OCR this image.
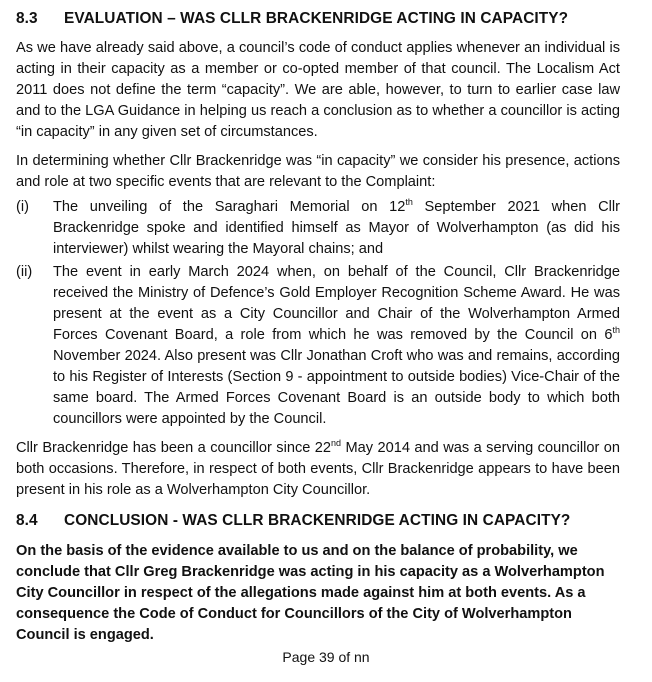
8.3	EVALUATION – WAS CLLR BRACKENRIDGE ACTING IN CAPACITY?

As we have already said above, a council’s code of conduct applies whenever an individual is acting in their capacity as a member or co-opted member of that council. The Localism Act 2011 does not define the term “capacity”. We are able, however, to turn to earlier case law and to the LGA Guidance in helping us reach a conclusion as to whether a councillor is acting “in capacity” in any given set of circumstances.

In determining whether Cllr Brackenridge was “in capacity” we consider his presence, actions and role at two specific events that are relevant to the Complaint:

(i)	The unveiling of the Saraghari Memorial on 12th September 2021 when Cllr Brackenridge spoke and identified himself as Mayor of Wolverhampton (as did his interviewer) whilst wearing the Mayoral chains; and
(ii)	The event in early March 2024 when, on behalf of the Council, Cllr Brackenridge received the Ministry of Defence’s Gold Employer Recognition Scheme Award. He was present at the event as a City Councillor and Chair of the Wolverhampton Armed Forces Covenant Board, a role from which he was removed by the Council on 6th November 2024. Also present was Cllr Jonathan Croft who was and remains, according to his Register of Interests (Section 9 - appointment to outside bodies) Vice-Chair of the same board. The Armed Forces Covenant Board is an outside body to which both councillors were appointed by the Council.

Cllr Brackenridge has been a councillor since 22nd May 2014 and was a serving councillor on both occasions. Therefore, in respect of both events, Cllr Brackenridge appears to have been present in his role as a Wolverhampton City Councillor.

8.4	CONCLUSION - WAS CLLR BRACKENRIDGE ACTING IN CAPACITY?

On the basis of the evidence available to us and on the balance of probability, we conclude that Cllr Greg Brackenridge was acting in his capacity as a Wolverhampton City Councillor in respect of the allegations made against him at both events. As a consequence the Code of Conduct for Councillors of the City of Wolverhampton Council is engaged.

Page 39 of nn
